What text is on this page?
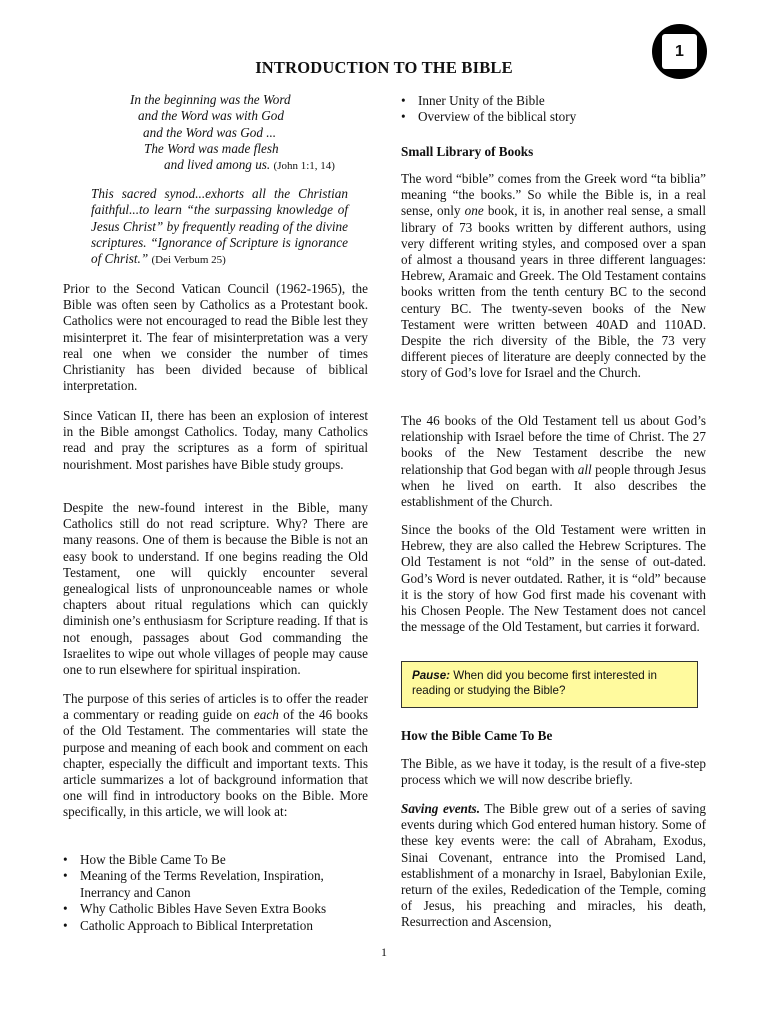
1
INTRODUCTION TO THE BIBLE
In the beginning was the Word
and the Word was with God
and the Word was God ...
The Word was made flesh
and lived among us. (John 1:1, 14)
This sacred synod...exhorts all the Christian faithful...to learn “the surpassing knowledge of Jesus Christ” by frequently reading of the divine scriptures. “Ignorance of Scripture is ignorance of Christ.” (Dei Verbum 25)

Prior to the Second Vatican Council (1962-1965), the Bible was often seen by Catholics as a Protestant book. Catholics were not encouraged to read the Bible lest they misinterpret it. The fear of misinterpretation was a very real one when we consider the number of times Christianity has been divided because of biblical interpretation.

Since Vatican II, there has been an explosion of interest in the Bible amongst Catholics. Today, many Catholics read and pray the scriptures as a form of spiritual nourishment. Most parishes have Bible study groups.

Despite the new-found interest in the Bible, many Catholics still do not read scripture. Why? There are many reasons. One of them is because the Bible is not an easy book to understand. If one begins reading the Old Testament, one will quickly encounter several genealogical lists of unpronounceable names or whole chapters about ritual regulations which can quickly diminish one’s enthusiasm for Scripture reading. If that is not enough, passages about God commanding the Israelites to wipe out whole villages of people may cause one to run elsewhere for spiritual inspiration.

The purpose of this series of articles is to offer the reader a commentary or reading guide on each of the 46 books of the Old Testament. The commentaries will state the purpose and meaning of each book and comment on each chapter, especially the difficult and important texts. This article summarizes a lot of background information that one will find in introductory books on the Bible. More specifically, in this article, we will look at:

• How the Bible Came To Be
• Meaning of the Terms Revelation, Inspiration, Inerrancy and Canon
• Why Catholic Bibles Have Seven Extra Books
• Catholic Approach to Biblical Interpretation
• Inner Unity of the Bible
• Overview of the biblical story
Small Library of Books

The word “bible” comes from the Greek word “ta biblia” meaning “the books.” So while the Bible is, in a real sense, only one book, it is, in another real sense, a small library of 73 books written by different authors, using very different writing styles, and composed over a span of almost a thousand years in three different languages: Hebrew, Aramaic and Greek. The Old Testament contains books written from the tenth century BC to the second century BC. The twenty-seven books of the New Testament were written between 40AD and 110AD. Despite the rich diversity of the Bible, the 73 very different pieces of literature are deeply connected by the story of God’s love for Israel and the Church.

The 46 books of the Old Testament tell us about God’s relationship with Israel before the time of Christ. The 27 books of the New Testament describe the new relationship that God began with all people through Jesus when he lived on earth. It also describes the establishment of the Church.

Since the books of the Old Testament were written in Hebrew, they are also called the Hebrew Scriptures. The Old Testament is not “old” in the sense of out-dated. God’s Word is never outdated. Rather, it is “old” because it is the story of how God first made his covenant with his Chosen People. The New Testament does not cancel the message of the Old Testament, but carries it forward.

Pause: When did you become first interested in reading or studying the Bible?
How the Bible Came To Be

The Bible, as we have it today, is the result of a five-step process which we will now describe briefly.

Saving events. The Bible grew out of a series of saving events during which God entered human history. Some of these key events were: the call of Abraham, Exodus, Sinai Covenant, entrance into the Promised Land, establishment of a monarchy in Israel, Babylonian Exile, return of the exiles, Rededication of the Temple, coming of Jesus, his preaching and miracles, his death, Resurrection and Ascension,

1
